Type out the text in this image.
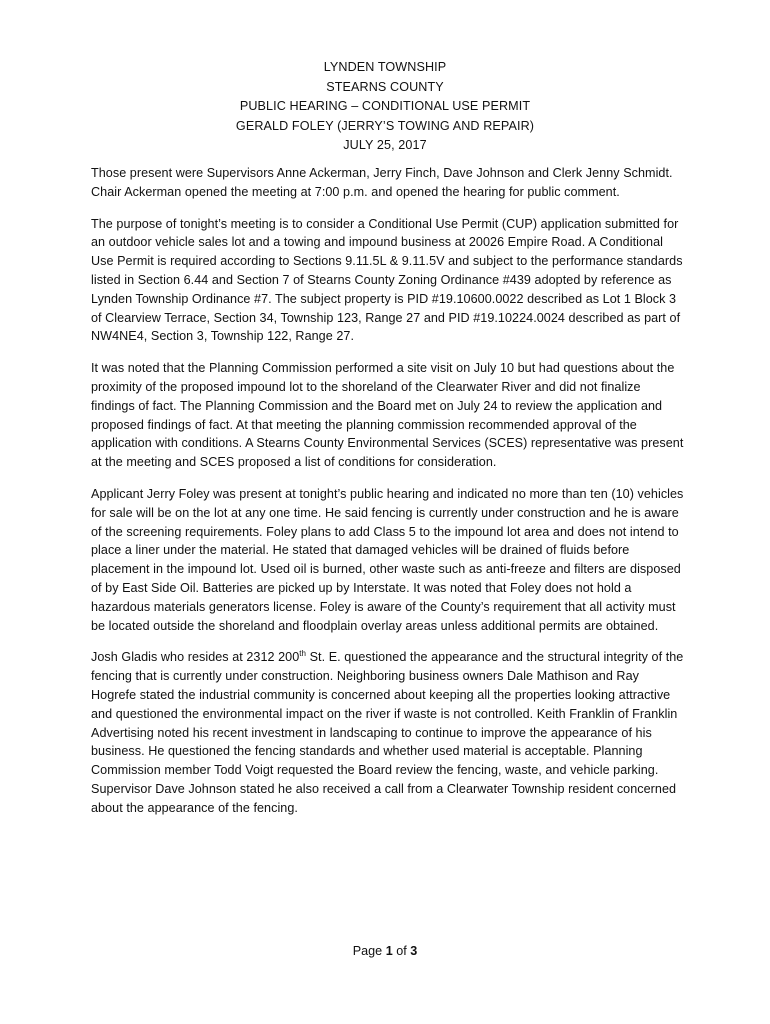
LYNDEN TOWNSHIP
STEARNS COUNTY
PUBLIC HEARING – CONDITIONAL USE PERMIT
GERALD FOLEY (JERRY’S TOWING AND REPAIR)
JULY 25, 2017

Those present were Supervisors Anne Ackerman, Jerry Finch, Dave Johnson and Clerk Jenny Schmidt. Chair Ackerman opened the meeting at 7:00 p.m. and opened the hearing for public comment.

The purpose of tonight’s meeting is to consider a Conditional Use Permit (CUP) application submitted for an outdoor vehicle sales lot and a towing and impound business at 20026 Empire Road. A Conditional Use Permit is required according to Sections 9.11.5L & 9.11.5V and subject to the performance standards listed in Section 6.44 and Section 7 of Stearns County Zoning Ordinance #439 adopted by reference as Lynden Township Ordinance #7. The subject property is PID #19.10600.0022 described as Lot 1 Block 3 of Clearview Terrace, Section 34, Township 123, Range 27 and PID #19.10224.0024 described as part of NW4NE4, Section 3, Township 122, Range 27.

It was noted that the Planning Commission performed a site visit on July 10 but had questions about the proximity of the proposed impound lot to the shoreland of the Clearwater River and did not finalize findings of fact. The Planning Commission and the Board met on July 24 to review the application and proposed findings of fact. At that meeting the planning commission recommended approval of the application with conditions. A Stearns County Environmental Services (SCES) representative was present at the meeting and SCES proposed a list of conditions for consideration.

Applicant Jerry Foley was present at tonight’s public hearing and indicated no more than ten (10) vehicles for sale will be on the lot at any one time. He said fencing is currently under construction and he is aware of the screening requirements. Foley plans to add Class 5 to the impound lot area and does not intend to place a liner under the material. He stated that damaged vehicles will be drained of fluids before placement in the impound lot. Used oil is burned, other waste such as anti-freeze and filters are disposed of by East Side Oil. Batteries are picked up by Interstate. It was noted that Foley does not hold a hazardous materials generators license. Foley is aware of the County’s requirement that all activity must be located outside the shoreland and floodplain overlay areas unless additional permits are obtained.

Josh Gladis who resides at 2312 200th St. E. questioned the appearance and the structural integrity of the fencing that is currently under construction. Neighboring business owners Dale Mathison and Ray Hogrefe stated the industrial community is concerned about keeping all the properties looking attractive and questioned the environmental impact on the river if waste is not controlled. Keith Franklin of Franklin Advertising noted his recent investment in landscaping to continue to improve the appearance of his business. He questioned the fencing standards and whether used material is acceptable. Planning Commission member Todd Voigt requested the Board review the fencing, waste, and vehicle parking. Supervisor Dave Johnson stated he also received a call from a Clearwater Township resident concerned about the appearance of the fencing.

Page 1 of 3
